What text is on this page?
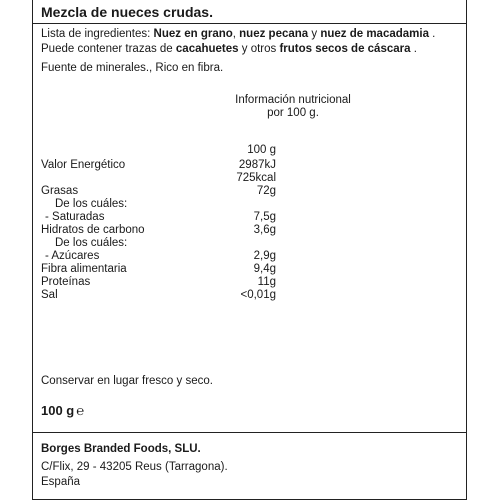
Mezcla de nueces crudas.
Lista de ingredientes: Nuez en grano, nuez pecana y nuez de macadamia .
Puede contener trazas de cacahuetes y otros frutos secos de cáscara .
Fuente de minerales., Rico en fibra.
Información nutricional
por 100 g.
100 g
Valor Energético	2987kJ
725kcal
Grasas	72g
De los cuáles:
- Saturadas	7,5g
Hidratos de carbono	3,6g
De los cuáles:
- Azúcares	2,9g
Fibra alimentaria	9,4g
Proteínas	11g
Sal	<0,01g
Conservar en lugar fresco y seco.
100 g ℮
Borges Branded Foods, SLU.
C/Flix, 29 - 43205 Reus (Tarragona).
España
